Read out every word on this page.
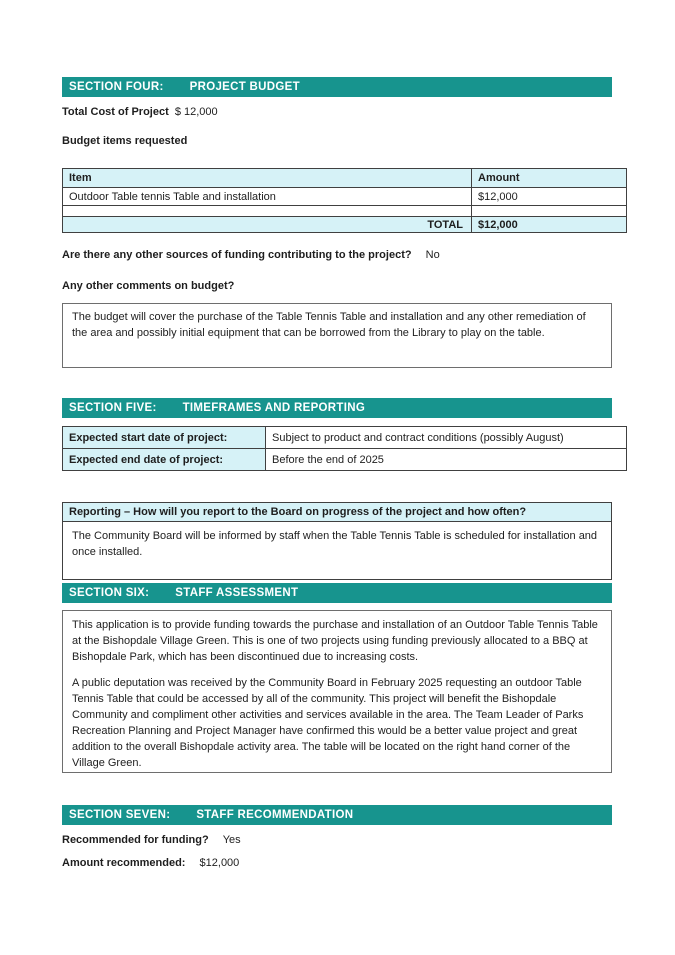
SECTION FOUR: PROJECT BUDGET
Total Cost of Project $ 12,000
Budget items requested
Item	Amount
Outdoor Table tennis Table and installation	$12,000

TOTAL	$12,000
Are there any other sources of funding contributing to the project? No
Any other comments on budget?
The budget will cover the purchase of the Table Tennis Table and installation and any other remediation of the area and possibly initial equipment that can be borrowed from the Library to play on the table.
SECTION FIVE: TIMEFRAMES AND REPORTING
Expected start date of project:	Subject to product and contract conditions (possibly August)
Expected end date of project:	Before the end of 2025
Reporting – How will you report to the Board on progress of the project and how often?
The Community Board will be informed by staff when the Table Tennis Table is scheduled for installation and once installed.
SECTION SIX: STAFF ASSESSMENT

This application is to provide funding towards the purchase and installation of an Outdoor Table Tennis Table at the Bishopdale Village Green. This is one of two projects using funding previously allocated to a BBQ at Bishopdale Park, which has been discontinued due to increasing costs.

A public deputation was received by the Community Board in February 2025 requesting an outdoor Table Tennis Table that could be accessed by all of the community. This project will benefit the Bishopdale Community and compliment other activities and services available in the area. The Team Leader of Parks Recreation Planning and Project Manager have confirmed this would be a better value project and great addition to the overall Bishopdale activity area. The table will be located on the right hand corner of the Village Green.

SECTION SEVEN: STAFF RECOMMENDATION
Recommended for funding? Yes
Amount recommended: $12,000
